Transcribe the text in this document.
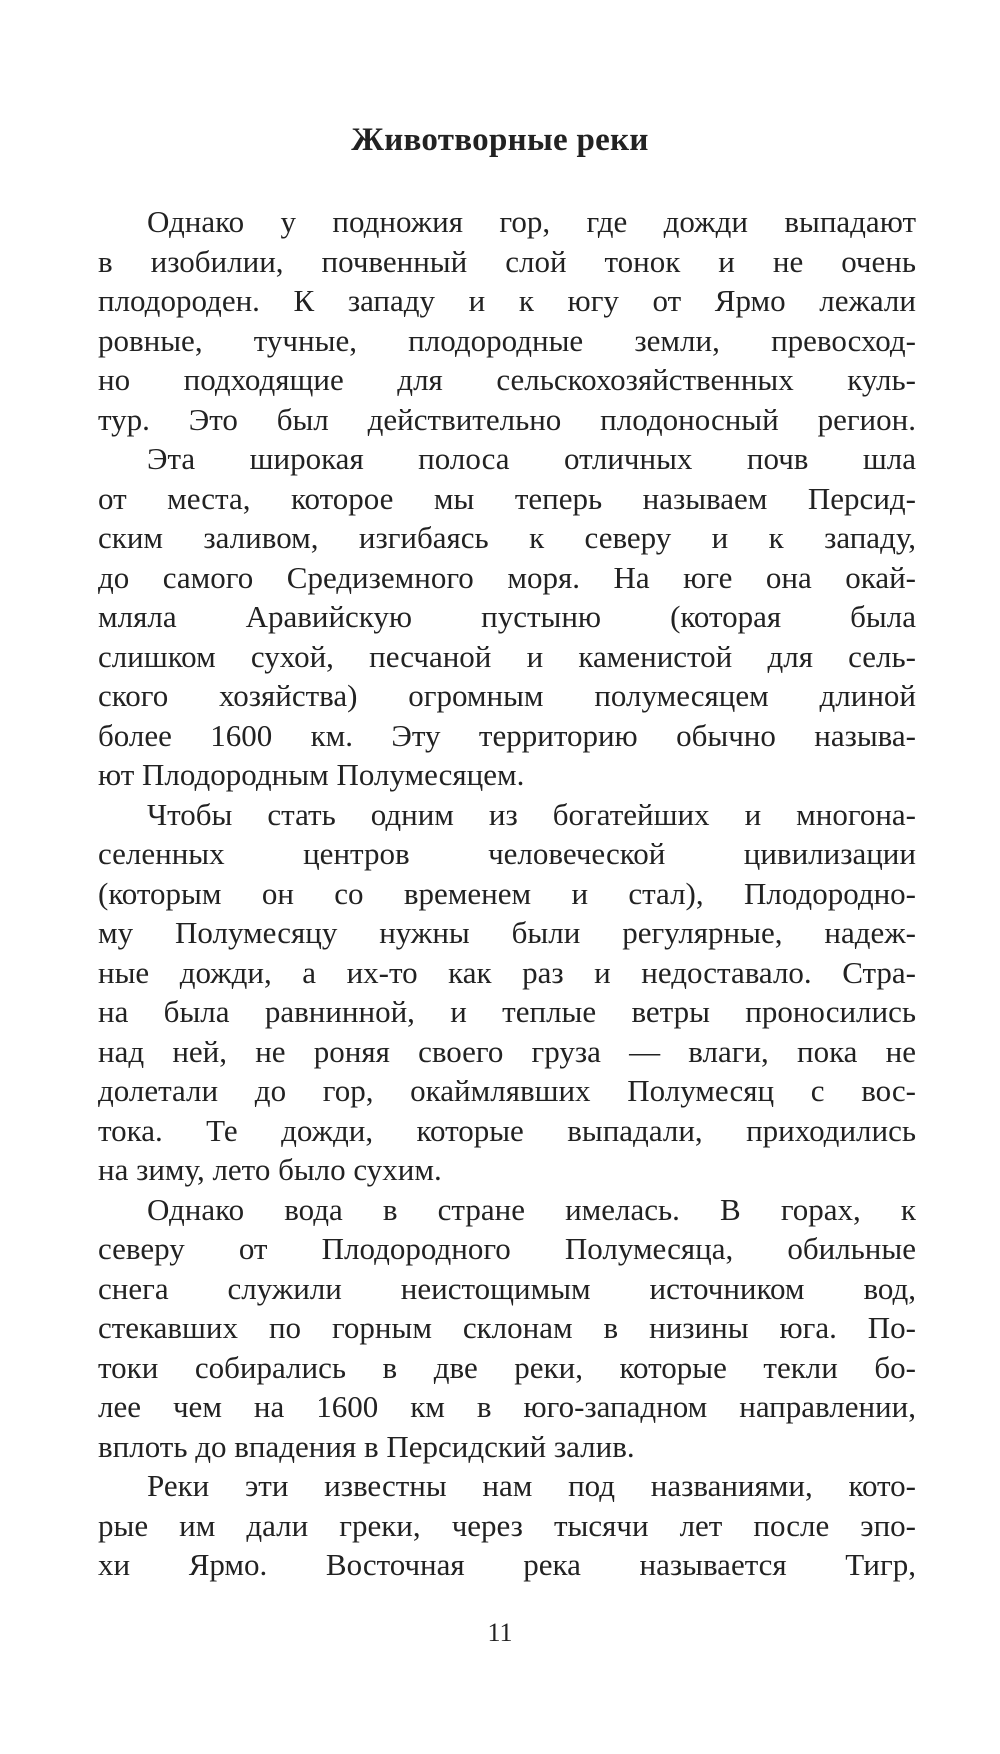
Животворные реки
Однако у подножия гор, где дожди выпадают
в изобилии, почвенный слой тонок и не очень
плодороден. К западу и к югу от Ярмо лежали
ровные, тучные, плодородные земли, превосход-
но подходящие для сельскохозяйственных куль-
тур. Это был действительно плодоносный регион.
Эта широкая полоса отличных почв шла
от места, которое мы теперь называем Персид-
ским заливом, изгибаясь к северу и к западу,
до самого Средиземного моря. На юге она окай-
мляла Аравийскую пустыню (которая была
слишком сухой, песчаной и каменистой для сель-
ского хозяйства) огромным полумесяцем длиной
более 1600 км. Эту территорию обычно называ-
ют Плодородным Полумесяцем.
Чтобы стать одним из богатейших и многона-
селенных центров человеческой цивилизации
(которым он со временем и стал), Плодородно-
му Полумесяцу нужны были регулярные, надеж-
ные дожди, а их-то как раз и недоставало. Стра-
на была равнинной, и теплые ветры проносились
над ней, не роняя своего груза — влаги, пока не
долетали до гор, окаймлявших Полумесяц с вос-
тока. Те дожди, которые выпадали, приходились
на зиму, лето было сухим.
Однако вода в стране имелась. В горах, к
северу от Плодородного Полумесяца, обильные
снега служили неистощимым источником вод,
стекавших по горным склонам в низины юга. По-
токи собирались в две реки, которые текли бо-
лее чем на 1600 км в юго-западном направлении,
вплоть до впадения в Персидский залив.
Реки эти известны нам под названиями, кото-
рые им дали греки, через тысячи лет после эпо-
хи Ярмо. Восточная река называется Тигр,
11
